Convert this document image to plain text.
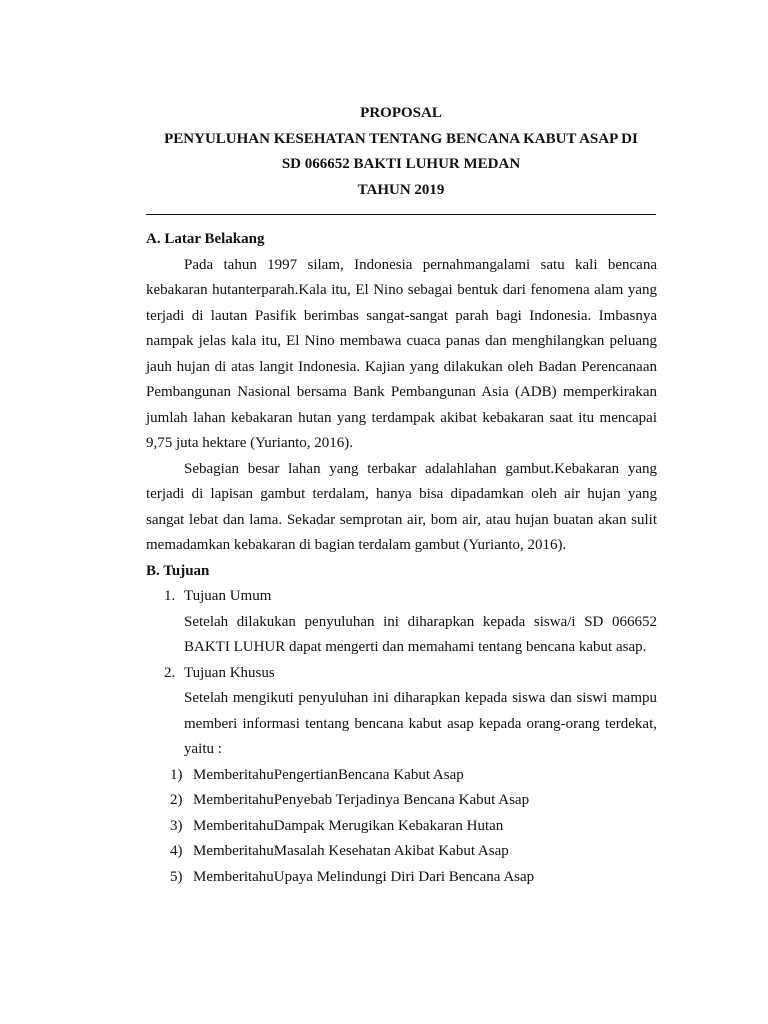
PROPOSAL
PENYULUHAN KESEHATAN TENTANG BENCANA KABUT ASAP DI
SD 066652 BAKTI LUHUR MEDAN
TAHUN 2019
A. Latar Belakang

Pada tahun 1997 silam, Indonesia pernahmangalami satu kali bencana kebakaran hutanterparah.Kala itu, El Nino sebagai bentuk dari fenomena alam yang terjadi di lautan Pasifik berimbas sangat-sangat parah bagi Indonesia. Imbasnya nampak jelas kala itu, El Nino membawa cuaca panas dan menghilangkan peluang jauh hujan di atas langit Indonesia. Kajian yang dilakukan oleh Badan Perencanaan Pembangunan Nasional bersama Bank Pembangunan Asia (ADB) memperkirakan jumlah lahan kebakaran hutan yang terdampak akibat kebakaran saat itu mencapai 9,75 juta hektare (Yurianto, 2016).

Sebagian besar lahan yang terbakar adalahlahan gambut.Kebakaran yang terjadi di lapisan gambut terdalam, hanya bisa dipadamkan oleh air hujan yang sangat lebat dan lama. Sekadar semprotan air, bom air, atau hujan buatan akan sulit memadamkan kebakaran di bagian terdalam gambut (Yurianto, 2016).

B. Tujuan
1. Tujuan Umum

Setelah dilakukan penyuluhan ini diharapkan kepada siswa/i SD 066652 BAKTI LUHUR dapat mengerti dan memahami tentang bencana kabut asap.

2. Tujuan Khusus

Setelah mengikuti penyuluhan ini diharapkan kepada siswa dan siswi mampu memberi informasi tentang bencana kabut asap kepada orang-orang terdekat, yaitu :

1) MemberitahuPengertianBencana Kabut Asap
2) MemberitahuPenyebab Terjadinya Bencana Kabut Asap
3) MemberitahuDampak Merugikan Kebakaran Hutan
4) MemberitahuMasalah Kesehatan Akibat Kabut Asap
5) MemberitahuUpaya Melindungi Diri Dari Bencana Asap
